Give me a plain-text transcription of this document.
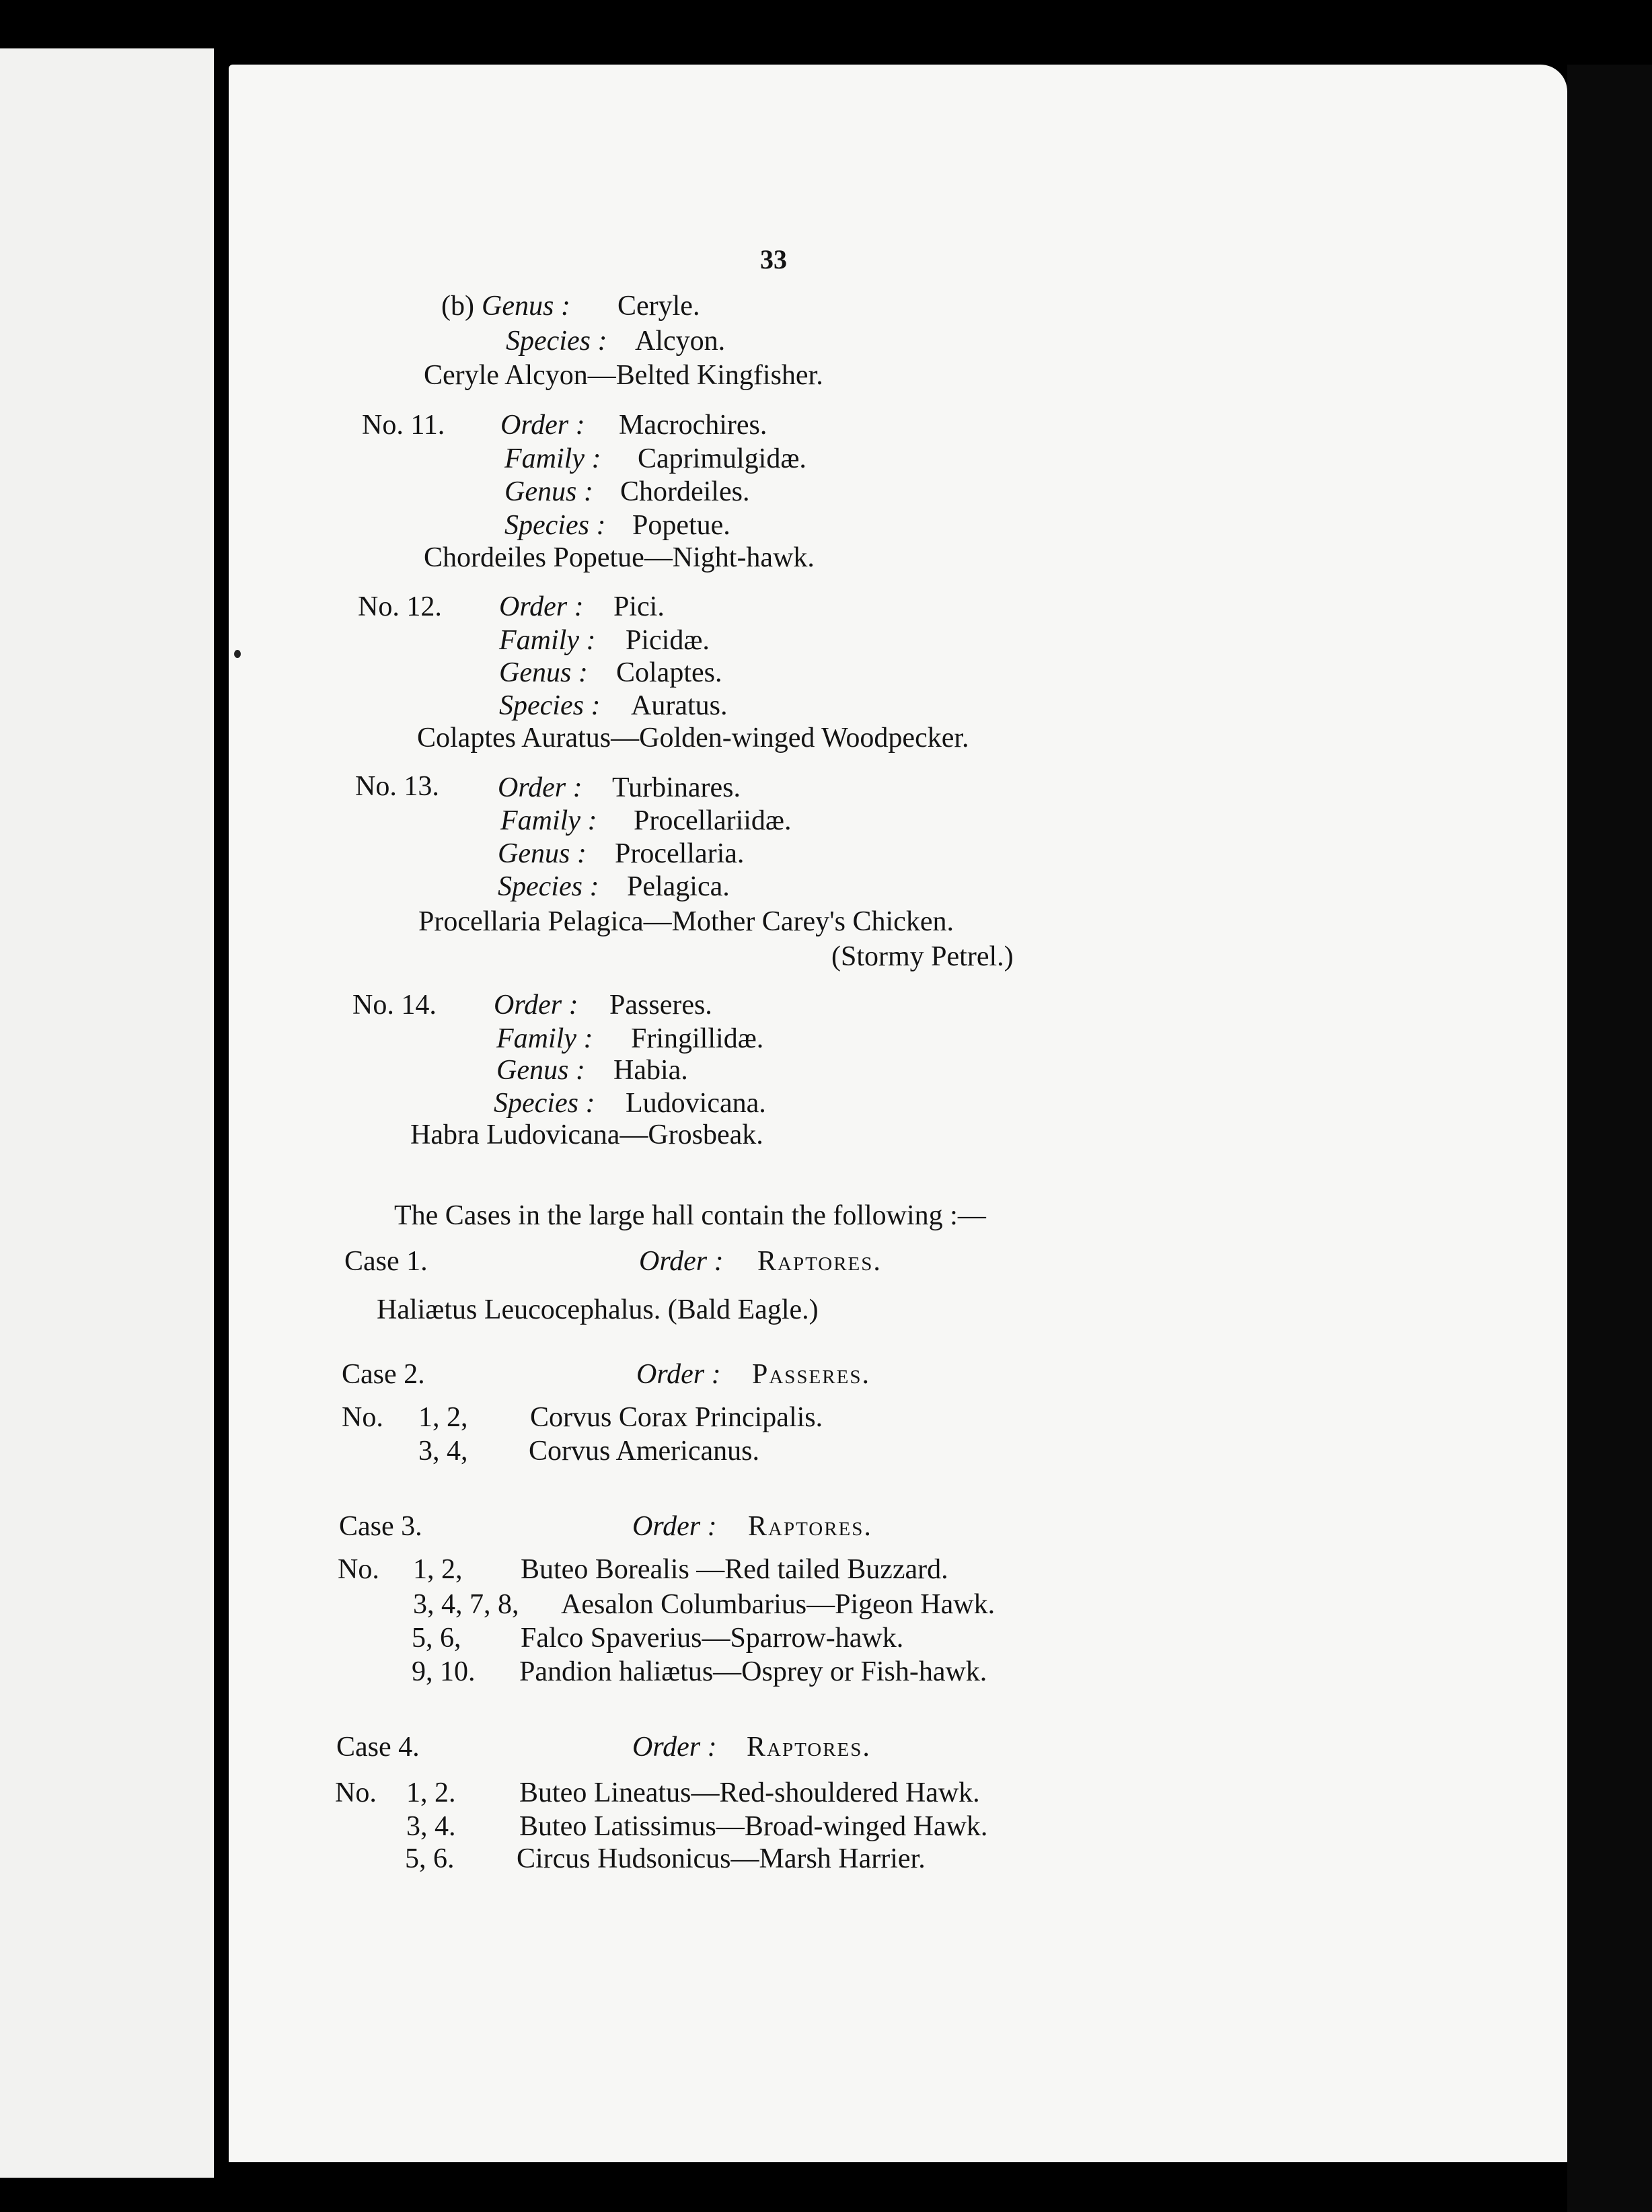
33
(b) Genus : Ceryle.
Species : Alcyon.
Ceryle Alcyon—Belted Kingfisher.
No. 11. Order : Macrochires.
Family : Caprimulgidæ.
Genus : Chordeiles.
Species : Popetue.
Chordeiles Popetue—Night-hawk.
No. 12. Order : Pici.
Family : Picidæ.
Genus : Colaptes.
Species : Auratus.
Colaptes Auratus—Golden-winged Woodpecker.
No. 13. Order : Turbinares.
Family : Procellariidæ.
Genus : Procellaria.
Species : Pelagica.
Procellaria Pelagica—Mother Carey's Chicken.
(Stormy Petrel.)
No. 14. Order : Passeres.
Family : Fringillidæ.
Genus : Habia.
Species : Ludovicana.
Habra Ludovicana—Grosbeak.
The Cases in the large hall contain the following :—
Case 1.	Order : Raptores.
Haliætus Leucocephalus. (Bald Eagle.)
Case 2.	Order : Passeres.
No. 1, 2, Corvus Corax Principalis.
3, 4, Corvus Americanus.
Case 3.	Order : Raptores.
No. 1, 2, Buteo Borealis —Red tailed Buzzard.
3, 4, 7, 8, Aesalon Columbarius—Pigeon Hawk.
5, 6, Falco Spaverius—Sparrow-hawk.
9, 10. Pandion haliætus—Osprey or Fish-hawk.
Case 4.	Order : Raptores.
No. 1, 2. Buteo Lineatus—Red-shouldered Hawk.
3, 4. Buteo Latissimus—Broad-winged Hawk.
5, 6. Circus Hudsonicus—Marsh Harrier.
